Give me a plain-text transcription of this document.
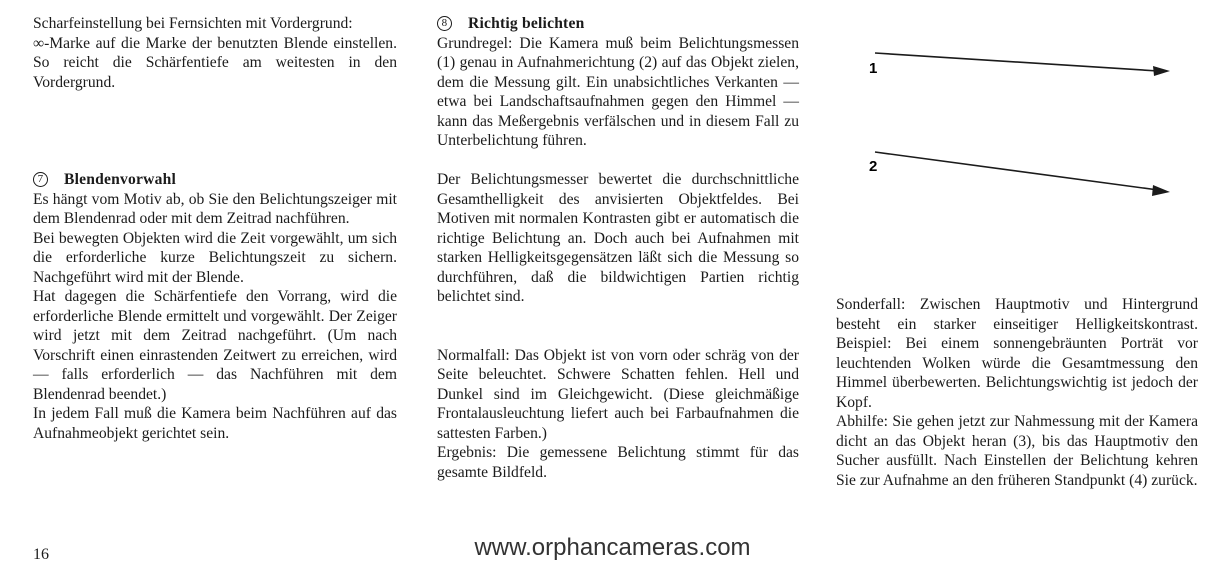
Scharfeinstellung bei Fernsichten mit Vordergrund:

∞-Marke auf die Marke der benutzten Blende einstellen. So reicht die Schärfentiefe am weitesten in den Vordergrund.

7 Blendenvorwahl

Es hängt vom Motiv ab, ob Sie den Belichtungszeiger mit dem Blendenrad oder mit dem Zeitrad nachführen.

Bei bewegten Objekten wird die Zeit vorgewählt, um sich die erforderliche kurze Belichtungszeit zu sichern. Nachgeführt wird mit der Blende.

Hat dagegen die Schärfentiefe den Vorrang, wird die erforderliche Blende ermittelt und vorgewählt. Der Zeiger wird jetzt mit dem Zeitrad nachgeführt. (Um nach Vorschrift einen einrastenden Zeitwert zu erreichen, wird — falls erforderlich — das Nachführen mit dem Blendenrad beendet.)

In jedem Fall muß die Kamera beim Nachführen auf das Aufnahmeobjekt gerichtet sein.

8 Richtig belichten

Grundregel: Die Kamera muß beim Belichtungsmessen (1) genau in Aufnahmerichtung (2) auf das Objekt zielen, dem die Messung gilt. Ein unabsichtliches Verkanten — etwa bei Landschaftsaufnahmen gegen den Himmel — kann das Meßergebnis verfälschen und in diesem Fall zu Unterbelichtung führen.

Der Belichtungsmesser bewertet die durchschnittliche Gesamthelligkeit des anvisierten Objektfeldes. Bei Motiven mit normalen Kontrasten gibt er automatisch die richtige Belichtung an. Doch auch bei Aufnahmen mit starken Helligkeitsgegensätzen läßt sich die Messung so durchführen, daß die bildwichtigen Partien richtig belichtet sind.

Normalfall: Das Objekt ist von vorn oder schräg von der Seite beleuchtet. Schwere Schatten fehlen. Hell und Dunkel sind im Gleichgewicht. (Diese gleichmäßige Frontalausleuchtung liefert auch bei Farbaufnahmen die sattesten Farben.)

Ergebnis: Die gemessene Belichtung stimmt für das gesamte Bildfeld.

1
2

Sonderfall: Zwischen Hauptmotiv und Hintergrund besteht ein starker einseitiger Helligkeitskontrast. Beispiel: Bei einem sonnengebräunten Porträt vor leuchtenden Wolken würde die Gesamtmessung den Himmel überbewerten. Belichtungswichtig ist jedoch der Kopf.

Abhilfe: Sie gehen jetzt zur Nahmessung mit der Kamera dicht an das Objekt heran (3), bis das Hauptmotiv den Sucher ausfüllt. Nach Einstellen der Belichtung kehren Sie zur Aufnahme an den früheren Standpunkt (4) zurück.

16	www.orphancameras.com
